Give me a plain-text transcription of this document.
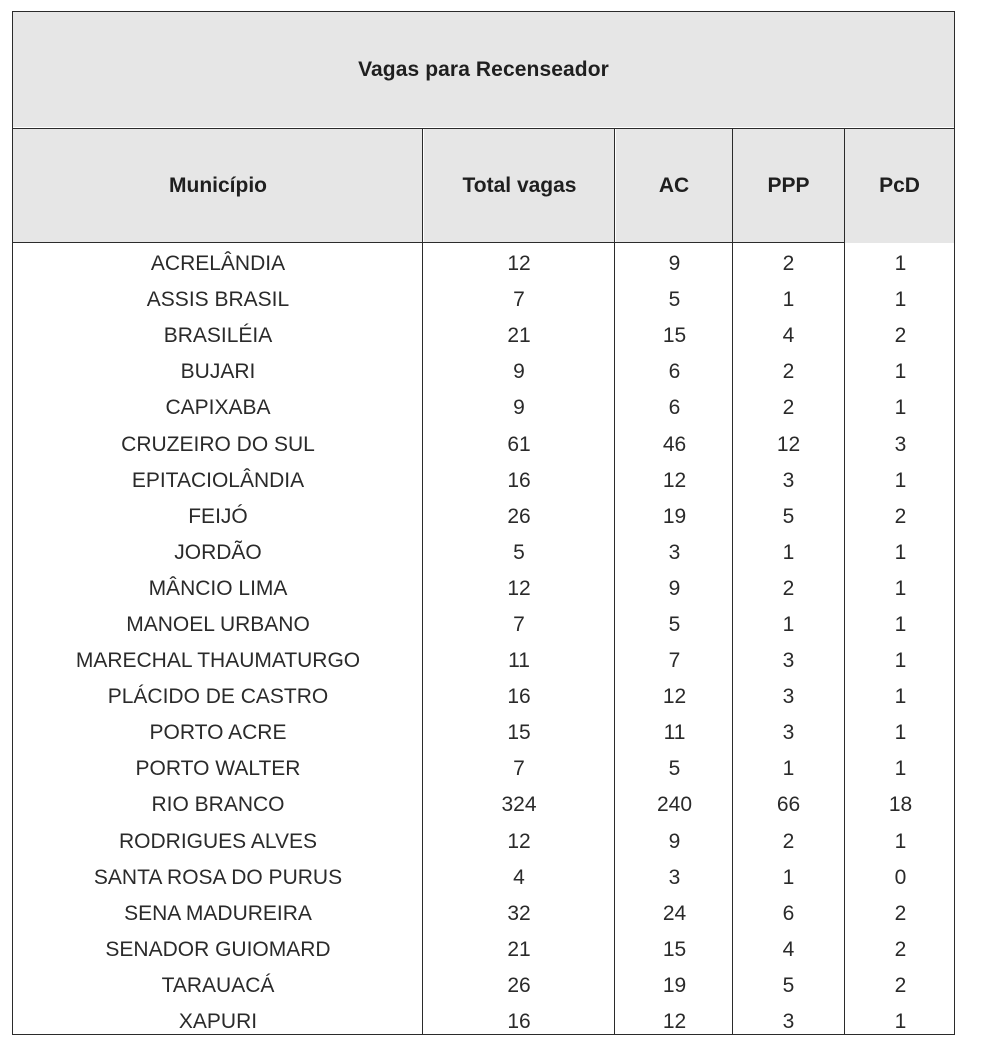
Vagas para Recenseador
Município	Total vagas	AC	PPP	PcD
ACRELÂNDIA	12	9	2	1
ASSIS BRASIL	7	5	1	1
BRASILÉIA	21	15	4	2
BUJARI	9	6	2	1
CAPIXABA	9	6	2	1
CRUZEIRO DO SUL	61	46	12	3
EPITACIOLÂNDIA	16	12	3	1
FEIJÓ	26	19	5	2
JORDÃO	5	3	1	1
MÂNCIO LIMA	12	9	2	1
MANOEL URBANO	7	5	1	1
MARECHAL THAUMATURGO	11	7	3	1
PLÁCIDO DE CASTRO	16	12	3	1
PORTO ACRE	15	11	3	1
PORTO WALTER	7	5	1	1
RIO BRANCO	324	240	66	18
RODRIGUES ALVES	12	9	2	1
SANTA ROSA DO PURUS	4	3	1	0
SENA MADUREIRA	32	24	6	2
SENADOR GUIOMARD	21	15	4	2
TARAUACÁ	26	19	5	2
XAPURI	16	12	3	1
